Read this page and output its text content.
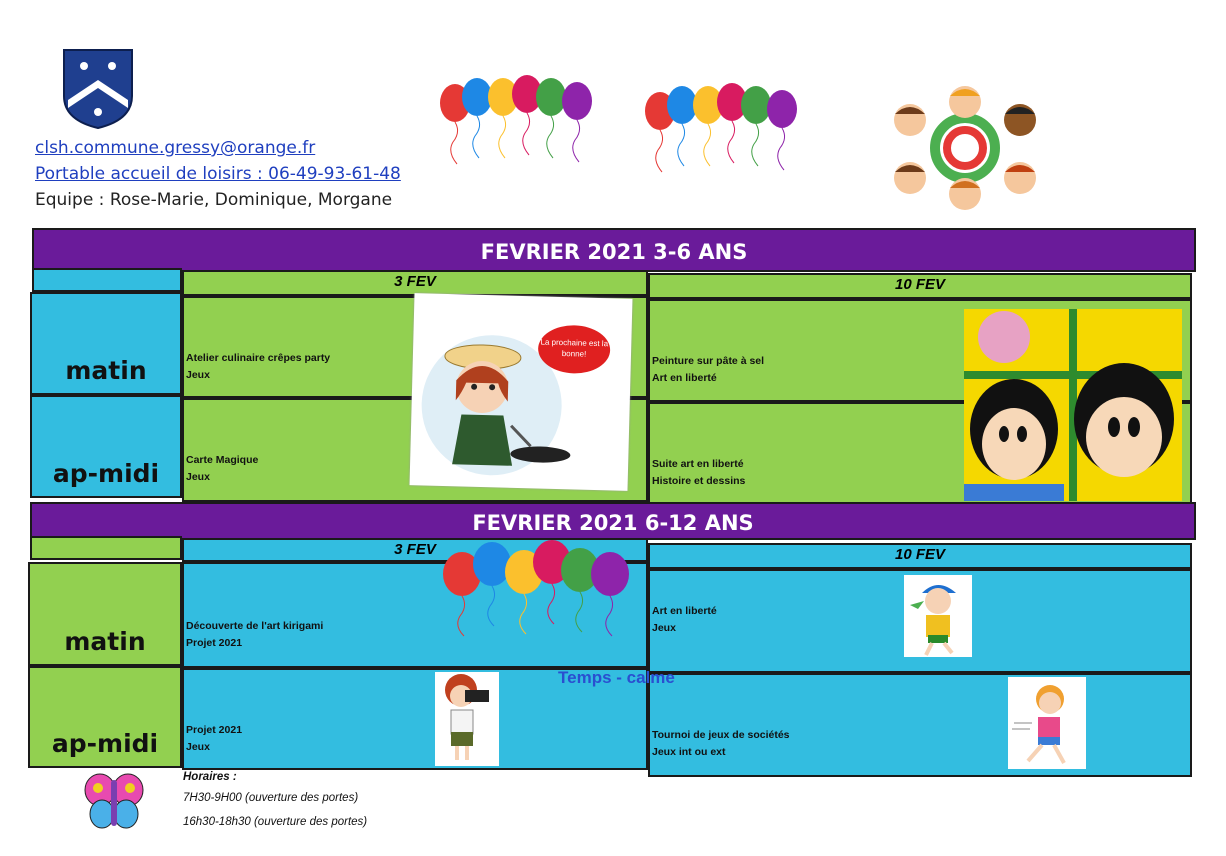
clsh.commune.gressy@orange.fr
Portable accueil de loisirs : 06-49-93-61-48
Equipe : Rose-Marie, Dominique, Morgane
FEVRIER 2021 3-6 ANS
3 FEV	10 FEV
matin
ap-midi
Atelier culinaire crêpes party
Jeux
Carte Magique
Jeux
Peinture sur pâte à sel
Art en liberté
Suite art en liberté
Histoire et dessins
La prochaine est la bonne!
FEVRIER 2021 6-12 ANS
3 FEV	10 FEV
matin
ap-midi
Découverte de l'art kirigami
Projet 2021
Projet 2021
Jeux
Art en liberté
Jeux
Tournoi de jeux de sociétés
Jeux int ou ext
Temps - calme
Horaires :
7H30-9H00 (ouverture des portes)
16h30-18h30 (ouverture des portes)
